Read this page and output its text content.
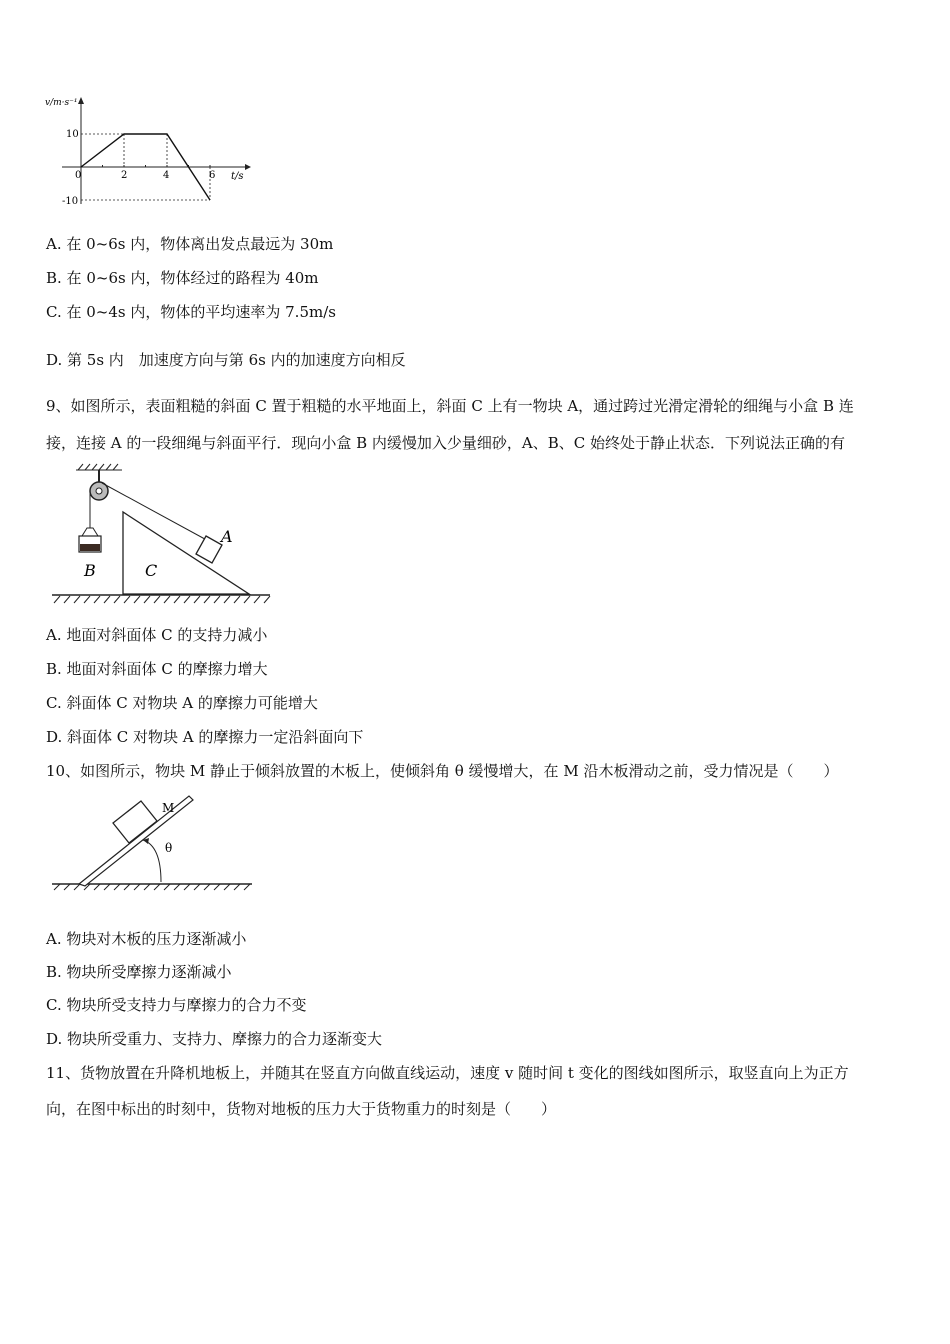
v/m·s⁻¹
t/s
10
-10
0	2	4	6
A. 在 0~6s 内，物体离出发点最远为 30m
B. 在 0~6s 内，物体经过的路程为 40m
C. 在 0~4s 内，物体的平均速率为 7.5m/s
D. 第 5s 内　加速度方向与第 6s 内的加速度方向相反
9、如图所示，表面粗糙的斜面 C 置于粗糙的水平地面上，斜面 C 上有一物块 A，通过跨过光滑定滑轮的细绳与小盒 B 连
接，连接 A 的一段细绳与斜面平行．现向小盒 B 内缓慢加入少量细砂，A、B、C 始终处于静止状态．下列说法正确的有
A
B	C
A. 地面对斜面体 C 的支持力减小
B. 地面对斜面体 C 的摩擦力增大
C. 斜面体 C 对物块 A 的摩擦力可能增大
D. 斜面体 C 对物块 A 的摩擦力一定沿斜面向下
10、如图所示，物块 M 静止于倾斜放置的木板上，使倾斜角 θ 缓慢增大，在 M 沿木板滑动之前，受力情况是（　　）
M
θ
A. 物块对木板的压力逐渐减小
B. 物块所受摩擦力逐渐减小
C. 物块所受支持力与摩擦力的合力不变
D. 物块所受重力、支持力、摩擦力的合力逐渐变大
11、货物放置在升降机地板上，并随其在竖直方向做直线运动，速度 v 随时间 t 变化的图线如图所示，取竖直向上为正方
向，在图中标出的时刻中，货物对地板的压力大于货物重力的时刻是（　　）
